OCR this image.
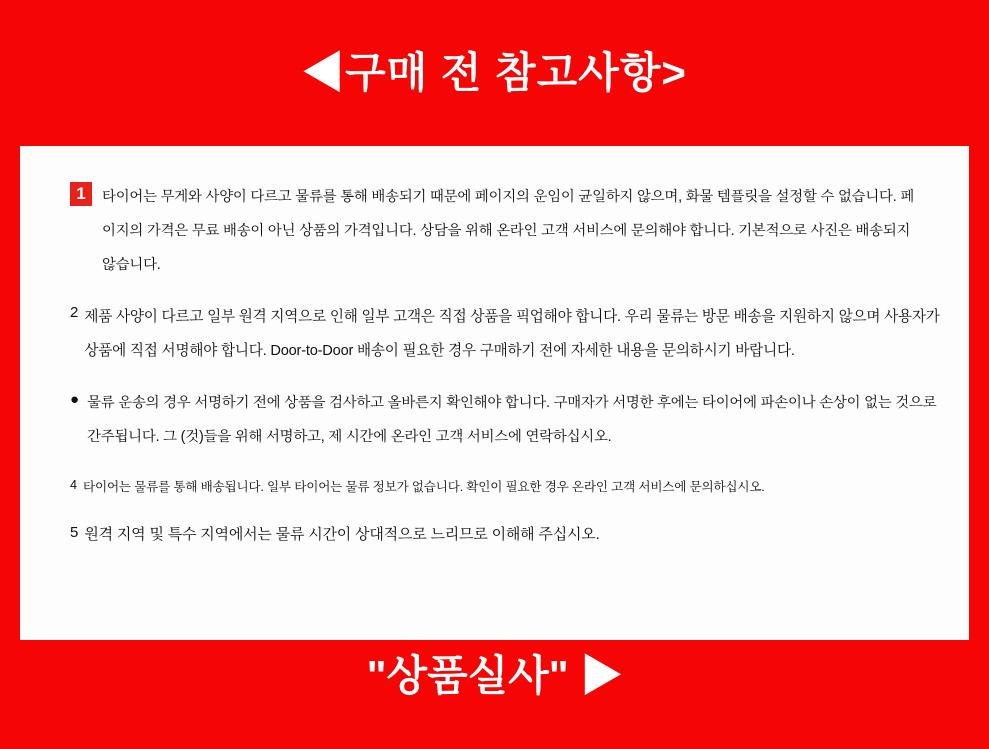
◀구매 전 참고사항>
1	타이어는 무게와 사양이 다르고 물류를 통해 배송되기 때문에 페이지의 운임이 균일하지 않으며, 화물 템플릿을 설정할 수 없습니다. 페이지의 가격은 무료 배송이 아닌 상품의 가격입니다. 상담을 위해 온라인 고객 서비스에 문의해야 합니다. 기본적으로 사진은 배송되지 않습니다.
2 제품 사양이 다르고 일부 원격 지역으로 인해 일부 고객은 직접 상품을 픽업해야 합니다. 우리 물류는 방문 배송을 지원하지 않으며 사용자가 상품에 직접 서명해야 합니다. Door-to-Door 배송이 필요한 경우 구매하기 전에 자세한 내용을 문의하시기 바랍니다.
● 물류 운송의 경우 서명하기 전에 상품을 검사하고 올바른지 확인해야 합니다. 구매자가 서명한 후에는 타이어에 파손이나 손상이 없는 것으로 간주됩니다. 그 (것)들을 위해 서명하고, 제 시간에 온라인 고객 서비스에 연락하십시오.
4 타이어는 물류를 통해 배송됩니다. 일부 타이어는 물류 정보가 없습니다. 확인이 필요한 경우 온라인 고객 서비스에 문의하십시오.
5 원격 지역 및 특수 지역에서는 물류 시간이 상대적으로 느리므로 이해해 주십시오.
"상품실사" ▶
